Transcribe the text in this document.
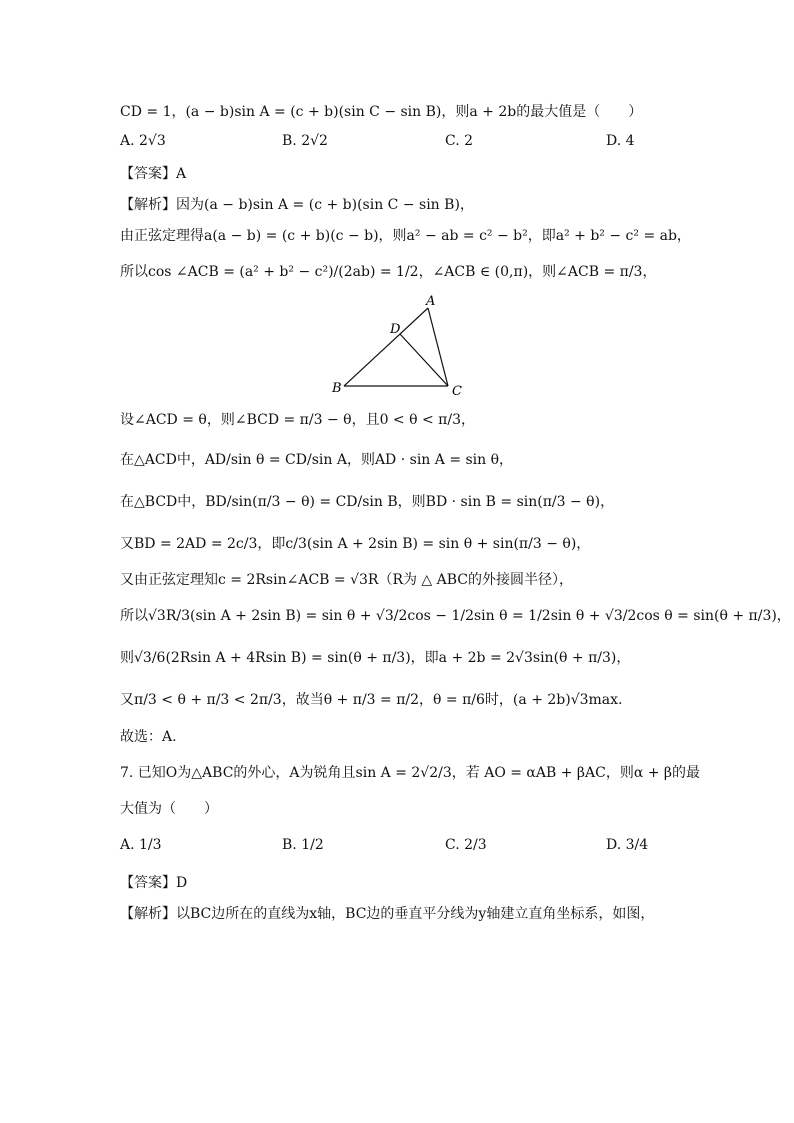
CD = 1，(a − b)sin A = (c + b)(sin C − sin B)，则a + 2b的最大值是（　　）
A. 2√3	B. 2√2	C. 2	D. 4
【答案】A
【解析】因为(a − b)sin A = (c + b)(sin C − sin B)，
由正弦定理得a(a − b) = (c + b)(c − b)，则a² − ab = c² − b²，即a² + b² − c² = ab，
所以cos ∠ACB = (a² + b² − c²)/(2ab) = 1/2，∠ACB ∈ (0,π)，则∠ACB = π/3，
A
B	C
D
设∠ACD = θ，则∠BCD = π/3 − θ，且0 < θ < π/3，
在△ACD中，AD/sin θ = CD/sin A，则AD · sin A = sin θ，
在△BCD中，BD/sin(π/3 − θ) = CD/sin B，则BD · sin B = sin(π/3 − θ)，
又BD = 2AD = 2c/3，即c/3(sin A + 2sin B) = sin θ + sin(π/3 − θ)，
又由正弦定理知c = 2Rsin∠ACB = √3R（R为 △ ABC的外接圆半径），
所以√3R/3(sin A + 2sin B) = sin θ + √3/2cos − 1/2sin θ = 1/2sin θ + √3/2cos θ = sin(θ + π/3)，
则√3/6(2Rsin A + 4Rsin B) = sin(θ + π/3)，即a + 2b = 2√3sin(θ + π/3)，
又π/3 < θ + π/3 < 2π/3，故当θ + π/3 = π/2，θ = π/6时，(a + 2b)√3max.
故选：A.
7. 已知O为△ABC的外心，A为锐角且sin A = 2√2/3，若 AO = αAB + βAC，则α + β的最
大值为（　　）
A. 1/3	B. 1/2	C. 2/3	D. 3/4
【答案】D
【解析】以BC边所在的直线为x轴，BC边的垂直平分线为y轴建立直角坐标系，如图，
